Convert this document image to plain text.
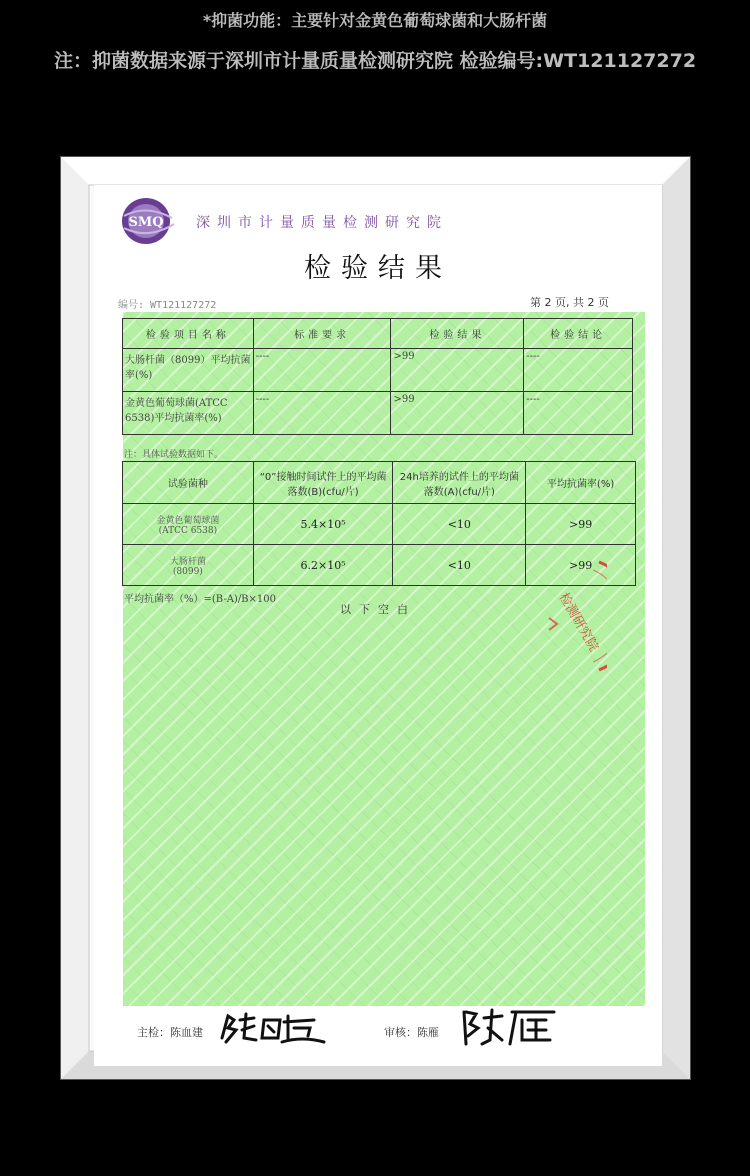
*抑菌功能：主要针对金黄色葡萄球菌和大肠杆菌
注：抑菌数据来源于深圳市计量质量检测研究院 检验编号:WT121127272
SMQ 深圳市计量质量检测研究院
检验结果
编号: WT121127272	第 2 页, 共 2 页
检验项目名称	标准要求	检验结果	检验结论
大肠杆菌（8099）平均抗菌率(%)	----	>99	----
金黄色葡萄球菌(ATCC 6538)平均抗菌率(%)	----	>99	----
注：具体试验数据如下。
试验菌种	“0”接触时间试件上的平均菌落数(B)(cfu/片)	24h培养的试件上的平均菌落数(A)(cfu/片)	平均抗菌率(%)

金黄色葡萄球菌
(ATCC 6538)	5.4×10⁵	<10	>99

大肠杆菌
(8099)	6.2×10⁵	<10	>99
平均抗菌率（%）=(B-A)/B×100
以下空白	检测研究院
主检：陈血建	审核：陈雁
